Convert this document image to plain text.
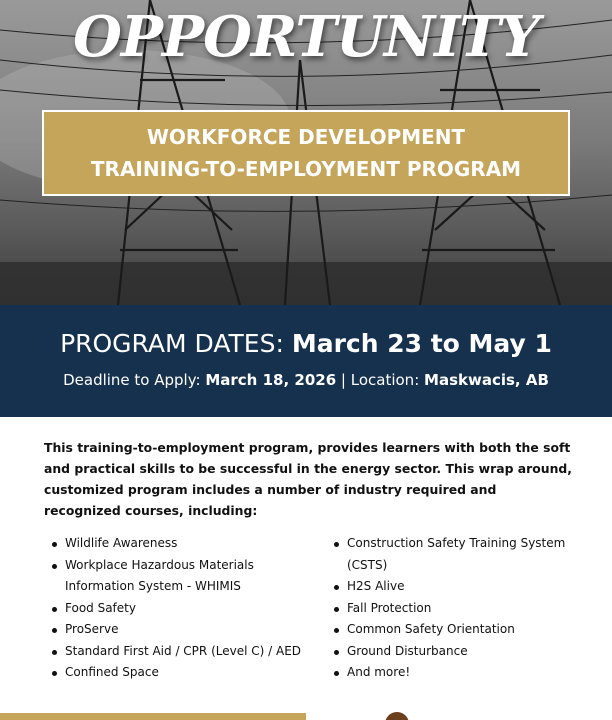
OPPORTUNITY
WORKFORCE DEVELOPMENT
TRAINING-TO-EMPLOYMENT PROGRAM
PROGRAM DATES: March 23 to May 1
Deadline to Apply: March 18, 2026 | Location: Maskwacis, AB

This training-to-employment program, provides learners with both the soft and practical skills to be successful in the energy sector. This wrap around, customized program includes a number of industry required and recognized courses, including:

Wildlife Awareness
Workplace Hazardous Materials
Information System - WHIMIS
Food Safety
ProServe
Standard First Aid / CPR (Level C) / AED
Confined Space
Construction Safety Training System
(CSTS)
H2S Alive
Fall Protection
Common Safety Orientation
Ground Disturbance
And more!
